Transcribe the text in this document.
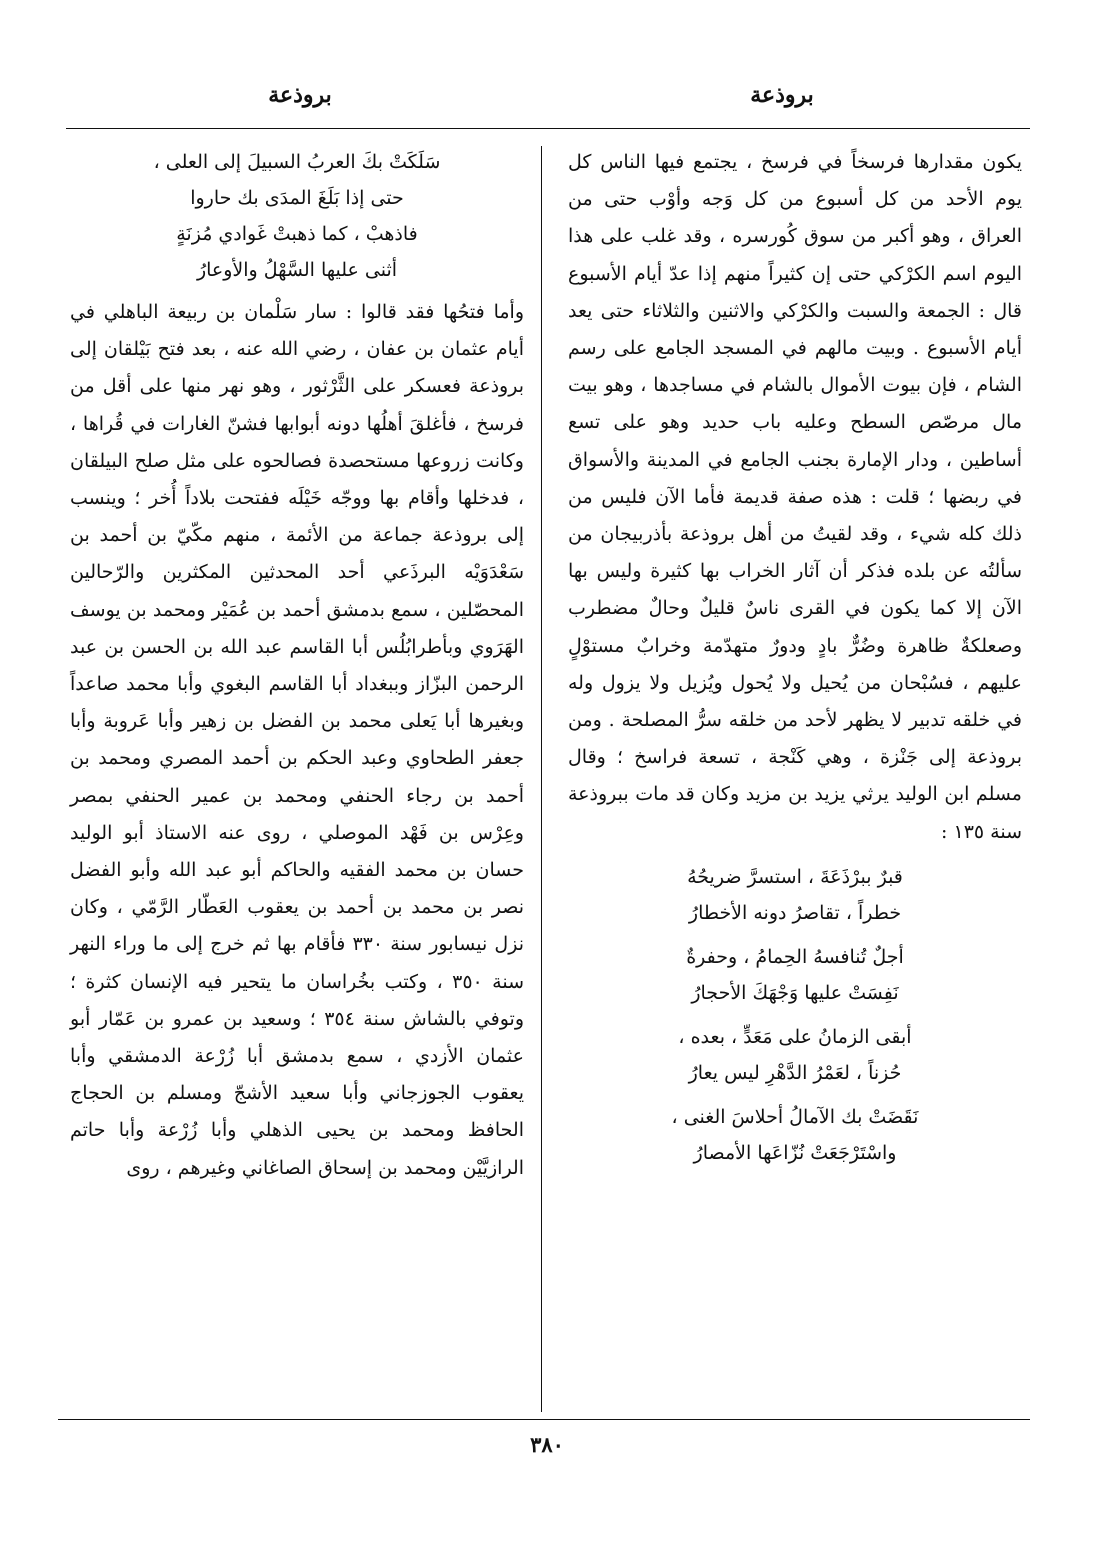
بروذعة
بروذعة

يكون مقدارها فرسخاً في فرسخ ، يجتمع فيها الناس كل يوم الأحد من كل أسبوع من كل وَجه وأوْب حتى من العراق ، وهو أكبر من سوق كُورسره ، وقد غلب على هذا اليوم اسم الكرْكي حتى إن كثيراً منهم إذا عدّ أيام الأسبوع قال : الجمعة والسبت والكرْكي والاثنين والثلاثاء حتى يعد أيام الأسبوع . وبيت مالهم في المسجد الجامع على رسم الشام ، فإن بيوت الأموال بالشام في مساجدها ، وهو بيت مال مرصّص السطح وعليه باب حديد وهو على تسع أساطين ، ودار الإمارة بجنب الجامع في المدينة والأسواق في ربضها ؛ قلت : هذه صفة قديمة فأما الآن فليس من ذلك كله شيء ، وقد لقيتُ من أهل بروذعة بأذربيجان من سألتُه عن بلده فذكر أن آثار الخراب بها كثيرة وليس بها الآن إلا كما يكون في القرى ناسٌ قليلٌ وحالٌ مضطرب وصعلكةٌ ظاهرة وضُرٌّ بادٍ ودورٌ متهدّمة وخرابٌ مستوْلٍ عليهم ، فسُبْحان من يُحيل ولا يُحول ويُزيل ولا يزول وله في خلقه تدبير لا يظهر لأحد من خلقه سرُّ المصلحة . ومن بروذعة إلى جَنْزة ، وهي كَنْجة ، تسعة فراسخ ؛ وقال مسلم ابن الوليد يرثي يزيد بن مزيد وكان قد مات ببروذعة سنة ١٣٥ :

قبرٌ ببرْذَعَةَ ، استسرَّ ضريحُهُ

خطراً ، تقاصرُ دونه الأخطارُ

أجلٌ تُنافسهُ الحِمامُ ، وحفرةٌ

نَفِسَتْ عليها وَجْهَكَ الأحجارُ

أبقى الزمانُ على مَعَدٍّ ، بعده ،

حُزناً ، لعَمْرُ الدَّهْرِ ليس يعارُ

نَقَضَتْ بك الآمالُ أحلاسَ الغنى ،

واسْتَرْجَعَتْ نُزّاعَها الأمصارُ

سَلَكَتْ بكَ العربُ السبيلَ إلى العلى ،

حتى إذا بَلَغَ المدَى بك حاروا

فاذهبْ ، كما ذهبتْ غَوادي مُزنَةٍ

أثنى عليها السَّهْلُ والأوعارُ

وأما فتحُها فقد قالوا : سار سَلْمان بن ربيعة الباهلي في أيام عثمان بن عفان ، رضي الله عنه ، بعد فتح بَيْلقان إلى بروذعة فعسكر على الثَّرْثور ، وهو نهر منها على أقل من فرسخ ، فأغلقَ أهلُها دونه أبوابها فشنّ الغارات في قُراها ، وكانت زروعها مستحصدة فصالحوه على مثل صلح البيلقان ، فدخلها وأقام بها ووجّه خَيْلَه ففتحت بلاداً أُخر ؛ وينسب إلى بروذعة جماعة من الأئمة ، منهم مكّيّ بن أحمد بن سَعْدَوَيْه البرذَعي أحد المحدثين المكثرين والرّحالين المحصّلين ، سمع بدمشق أحمد بن عُمَيْر ومحمد بن يوسف الهَرَوي وبأطرابُلُس أبا القاسم عبد الله بن الحسن بن عبد الرحمن البزّاز وببغداد أبا القاسم البغوي وأبا محمد صاعداً وبغيرها أبا يَعلى محمد بن الفضل بن زهير وأبا عَروبة وأبا جعفر الطحاوي وعبد الحكم بن أحمد المصري ومحمد بن أحمد بن رجاء الحنفي ومحمد بن عمير الحنفي بمصر وعِرْس بن فَهْد الموصلي ، روى عنه الاستاذ أبو الوليد حسان بن محمد الفقيه والحاكم أبو عبد الله وأبو الفضل نصر بن محمد بن أحمد بن يعقوب العَطّار الرَّمّي ، وكان نزل نيسابور سنة ٣٣٠ فأقام بها ثم خرج إلى ما وراء النهر سنة ٣٥٠ ، وكتب بخُراسان ما يتحير فيه الإنسان كثرة ؛ وتوفي بالشاش سنة ٣٥٤ ؛ وسعيد بن عمرو بن عَمّار أبو عثمان الأزدي ، سمع بدمشق أبا زُرْعة الدمشقي وأبا يعقوب الجوزجاني وأبا سعيد الأشجّ ومسلم بن الحجاج الحافظ ومحمد بن يحيى الذهلي وأبا زُرْعة وأبا حاتم الرازيَّيْن ومحمد بن إسحاق الصاغاني وغيرهم ، روى

٣٨٠
